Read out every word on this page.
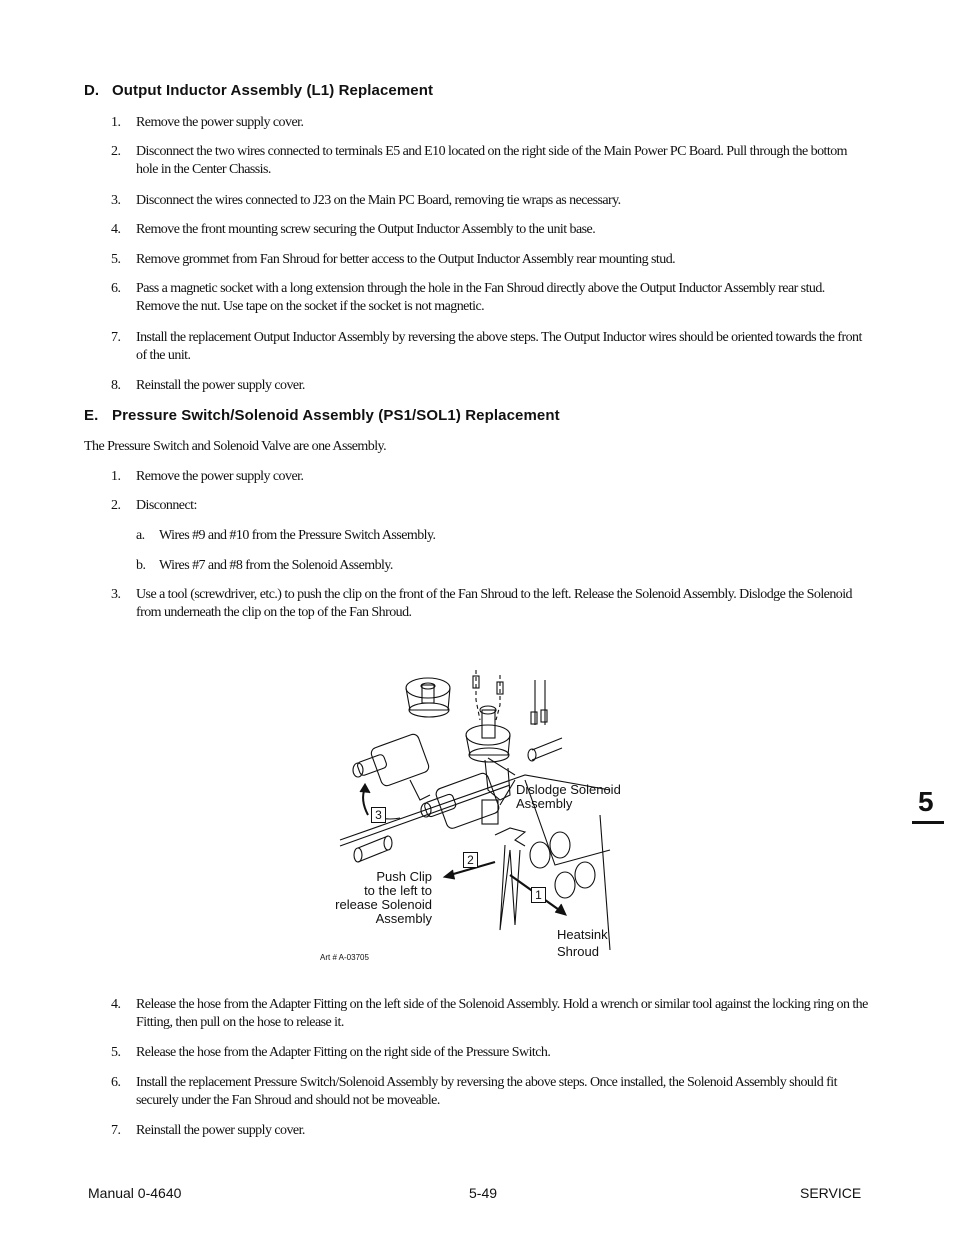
D. Output Inductor Assembly (L1) Replacement
1.	Remove the power supply cover.
2.	Disconnect the two wires connected to terminals E5 and E10 located on the right side of the Main Power PC Board. Pull through the bottom hole in the Center Chassis.
3.	Disconnect the wires connected to J23 on the Main PC Board, removing tie wraps as necessary.
4.	Remove the front mounting screw securing the Output Inductor Assembly to the unit base.
5.	Remove grommet from Fan Shroud for better access to the Output Inductor Assembly rear mounting stud.
6.	Pass a magnetic socket with a long extension through the hole in the Fan Shroud directly above the Output Inductor Assembly rear stud. Remove the nut. Use tape on the socket if the socket is not magnetic.
7.	Install the replacement Output Inductor Assembly by reversing the above steps. The Output Inductor wires should be oriented towards the front of the unit.
8.	Reinstall the power supply cover.
E. Pressure Switch/Solenoid Assembly (PS1/SOL1) Replacement
The Pressure Switch and Solenoid Valve are one Assembly.
1.	Remove the power supply cover.
2.	Disconnect:
a. Wires #9 and #10 from the Pressure Switch Assembly.
b. Wires #7 and #8 from the Solenoid Assembly.
3.	Use a tool (screwdriver, etc.) to push the clip on the front of the Fan Shroud to the left. Release the Solenoid Assembly. Dislodge the Solenoid from underneath the clip on the top of the Fan Shroud.
Dislodge Solenoid
Assembly
Push Clip
to the left to
release Solenoid
Assembly
Heatsink
Shroud
3
2
1
Art # A-03705
4.	Release the hose from the Adapter Fitting on the left side of the Solenoid Assembly. Hold a wrench or similar tool against the locking ring on the Fitting, then pull on the hose to release it.
5.	Release the hose from the Adapter Fitting on the right side of the Pressure Switch.
6.	Install the replacement Pressure Switch/Solenoid Assembly by reversing the above steps. Once installed, the Solenoid Assembly should fit securely under the Fan Shroud and should not be moveable.
7.	Reinstall the power supply cover.
5
Manual 0-4640	5-49	SERVICE
